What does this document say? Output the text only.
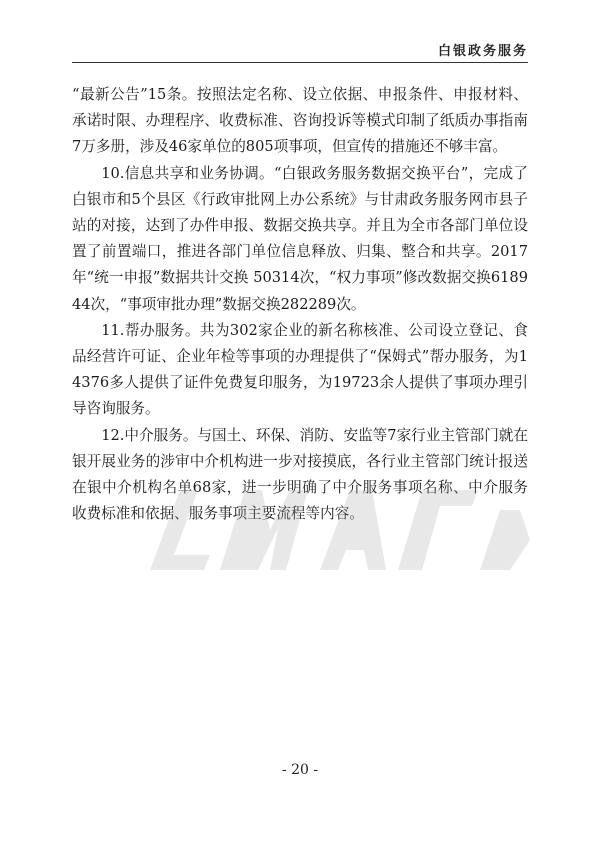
白银政务服务

“最新公告”15条。按照法定名称、设立依据、申报条件、申报材料、承诺时限、办理程序、收费标准、咨询投诉等模式印制了纸质办事指南7万多册，涉及46家单位的805项事项，但宣传的措施还不够丰富。

10.信息共享和业务协调。“白银政务服务数据交换平台”，完成了白银市和5个县区《行政审批网上办公系统》与甘肃政务服务网市县子站的对接，达到了办件申报、数据交换共享。并且为全市各部门单位设置了前置端口，推进各部门单位信息释放、归集、整合和共享。2017年“统一申报”数据共计交换 50314次，“权力事项”修改数据交换618944次，“事项审批办理”数据交换282289次。

11.帮办服务。共为302家企业的新名称核准、公司设立登记、食品经营许可证、企业年检等事项的办理提供了“保姆式”帮办服务，为14376多人提供了证件免费复印服务，为19723余人提供了事项办理引导咨询服务。

12.中介服务。与国土、环保、消防、安监等7家行业主管部门就在银开展业务的涉审中介机构进一步对接摸底，各行业主管部门统计报送在银中介机构名单68家，进一步明确了中介服务事项名称、中介服务收费标准和依据、服务事项主要流程等内容。

- 20 -
